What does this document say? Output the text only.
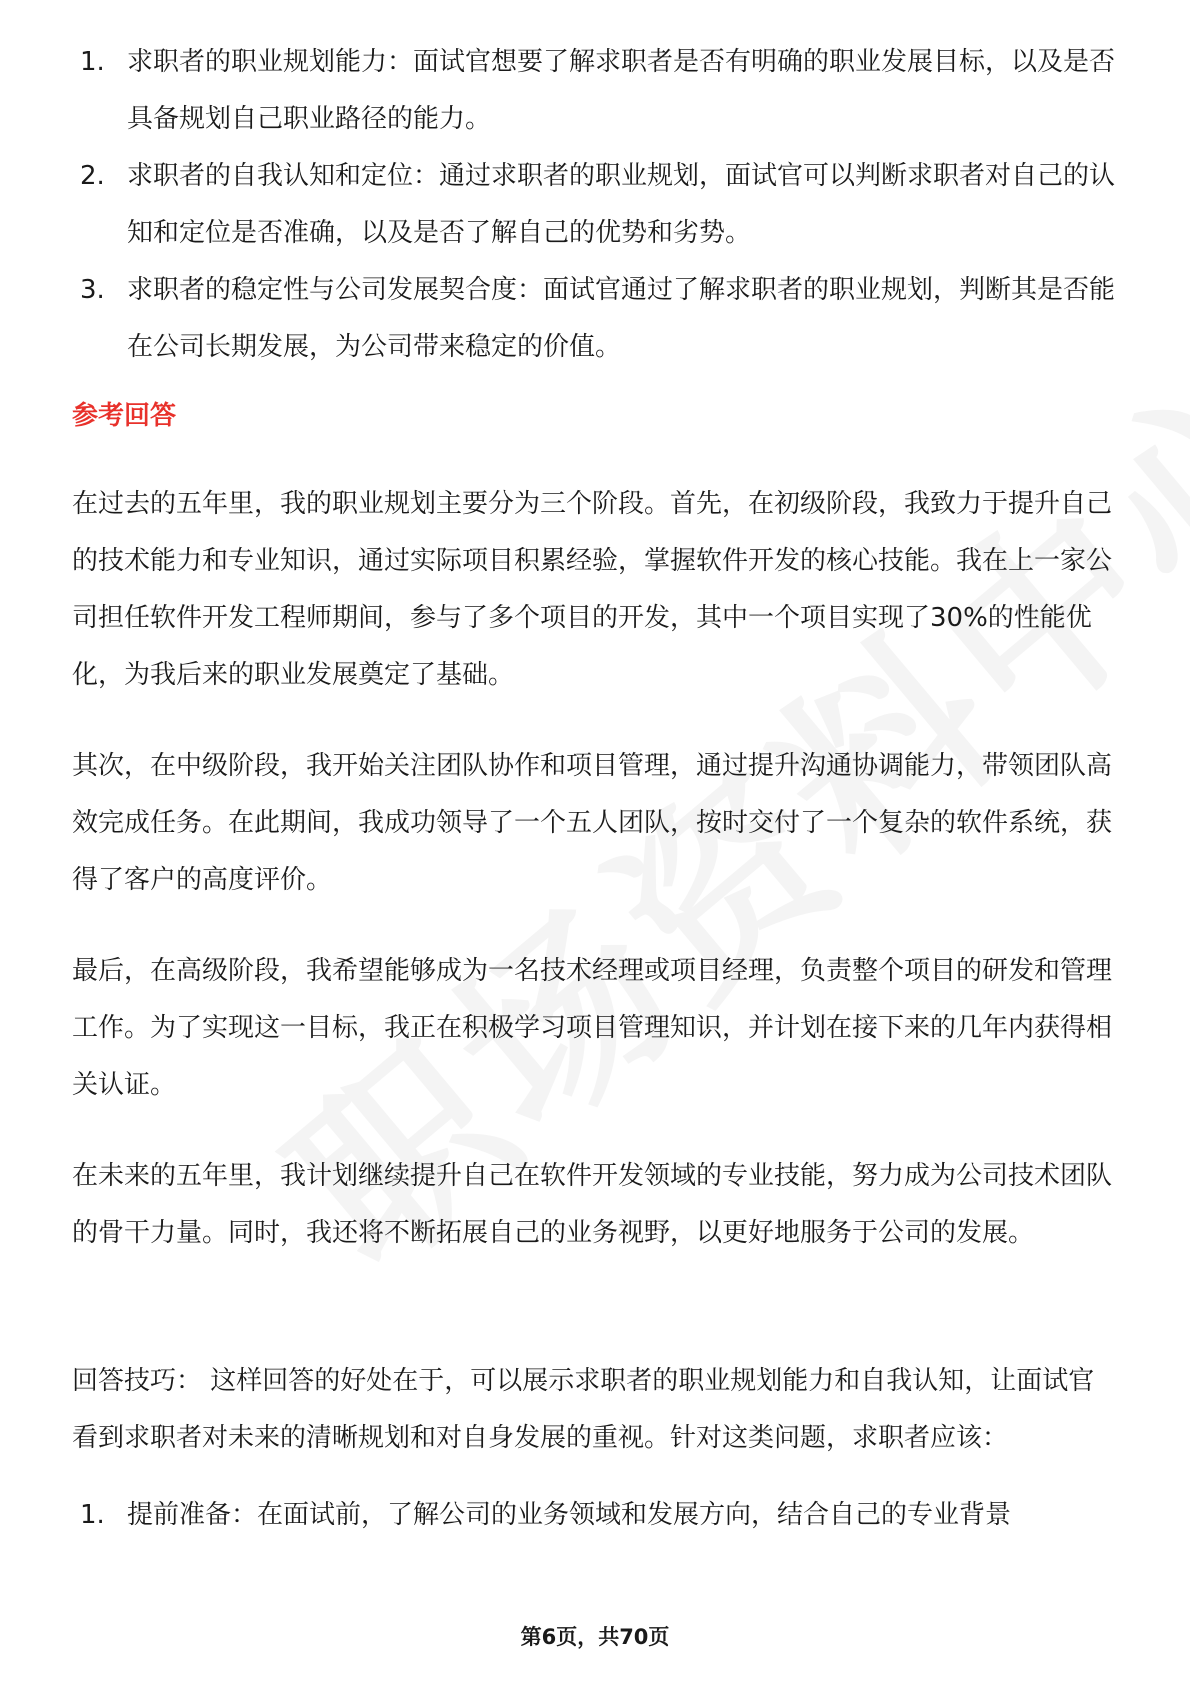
1. 求职者的职业规划能力：面试官想要了解求职者是否有明确的职业发展目标，以及是否具备规划自己职业路径的能力。
2. 求职者的自我认知和定位：通过求职者的职业规划，面试官可以判断求职者对自己的认知和定位是否准确，以及是否了解自己的优势和劣势。
3. 求职者的稳定性与公司发展契合度：面试官通过了解求职者的职业规划，判断其是否能在公司长期发展，为公司带来稳定的价值。
参考回答

在过去的五年里，我的职业规划主要分为三个阶段。首先，在初级阶段，我致力于提升自己的技术能力和专业知识，通过实际项目积累经验，掌握软件开发的核心技能。我在上一家公司担任软件开发工程师期间，参与了多个项目的开发，其中一个项目实现了30%的性能优化，为我后来的职业发展奠定了基础。

其次，在中级阶段，我开始关注团队协作和项目管理，通过提升沟通协调能力，带领团队高效完成任务。在此期间，我成功领导了一个五人团队，按时交付了一个复杂的软件系统，获得了客户的高度评价。

最后，在高级阶段，我希望能够成为一名技术经理或项目经理，负责整个项目的研发和管理工作。为了实现这一目标，我正在积极学习项目管理知识，并计划在接下来的几年内获得相关认证。

在未来的五年里，我计划继续提升自己在软件开发领域的专业技能，努力成为公司技术团队的骨干力量。同时，我还将不断拓展自己的业务视野，以更好地服务于公司的发展。

回答技巧： 这样回答的好处在于，可以展示求职者的职业规划能力和自我认知，让面试官看到求职者对未来的清晰规划和对自身发展的重视。针对这类问题，求职者应该：

1. 提前准备：在面试前，了解公司的业务领域和发展方向，结合自己的专业背景
第6页，共70页
